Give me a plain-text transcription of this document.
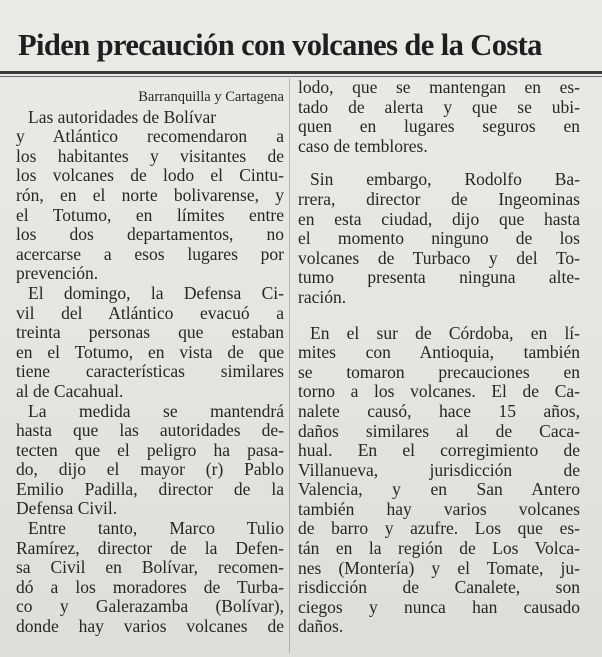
Piden precaución con volcanes de la Costa
Barranquilla y Cartagena
Las autoridades de Bolívar
y Atlántico recomendaron a
los habitantes y visitantes de
los volcanes de lodo el Cintu-
rón, en el norte bolivarense, y
el Totumo, en límites entre
los dos departamentos, no
acercarse a esos lugares por
prevención.
El domingo, la Defensa Ci-
vil del Atlántico evacuó a
treinta personas que estaban
en el Totumo, en vista de que
tiene características similares
al de Cacahual.
La medida se mantendrá
hasta que las autoridades de-
tecten que el peligro ha pasa-
do, dijo el mayor (r) Pablo
Emilio Padilla, director de la
Defensa Civil.
Entre tanto, Marco Tulio
Ramírez, director de la Defen-
sa Civil en Bolívar, recomen-
dó a los moradores de Turba-
co y Galerazamba (Bolívar),
donde hay varios volcanes de
lodo, que se mantengan en es-
tado de alerta y que se ubi-
quen en lugares seguros en
caso de temblores.
Sin embargo, Rodolfo Ba-
rrera, director de Ingeominas
en esta ciudad, dijo que hasta
el momento ninguno de los
volcanes de Turbaco y del To-
tumo presenta ninguna alte-
ración.
En el sur de Córdoba, en lí-
mites con Antioquia, también
se tomaron precauciones en
torno a los volcanes. El de Ca-
nalete causó, hace 15 años,
daños similares al de Caca-
hual. En el corregimiento de
Villanueva, jurisdicción de
Valencia, y en San Antero
también hay varios volcanes
de barro y azufre. Los que es-
tán en la región de Los Volca-
nes (Montería) y el Tomate, ju-
risdicción de Canalete, son
ciegos y nunca han causado
daños.
